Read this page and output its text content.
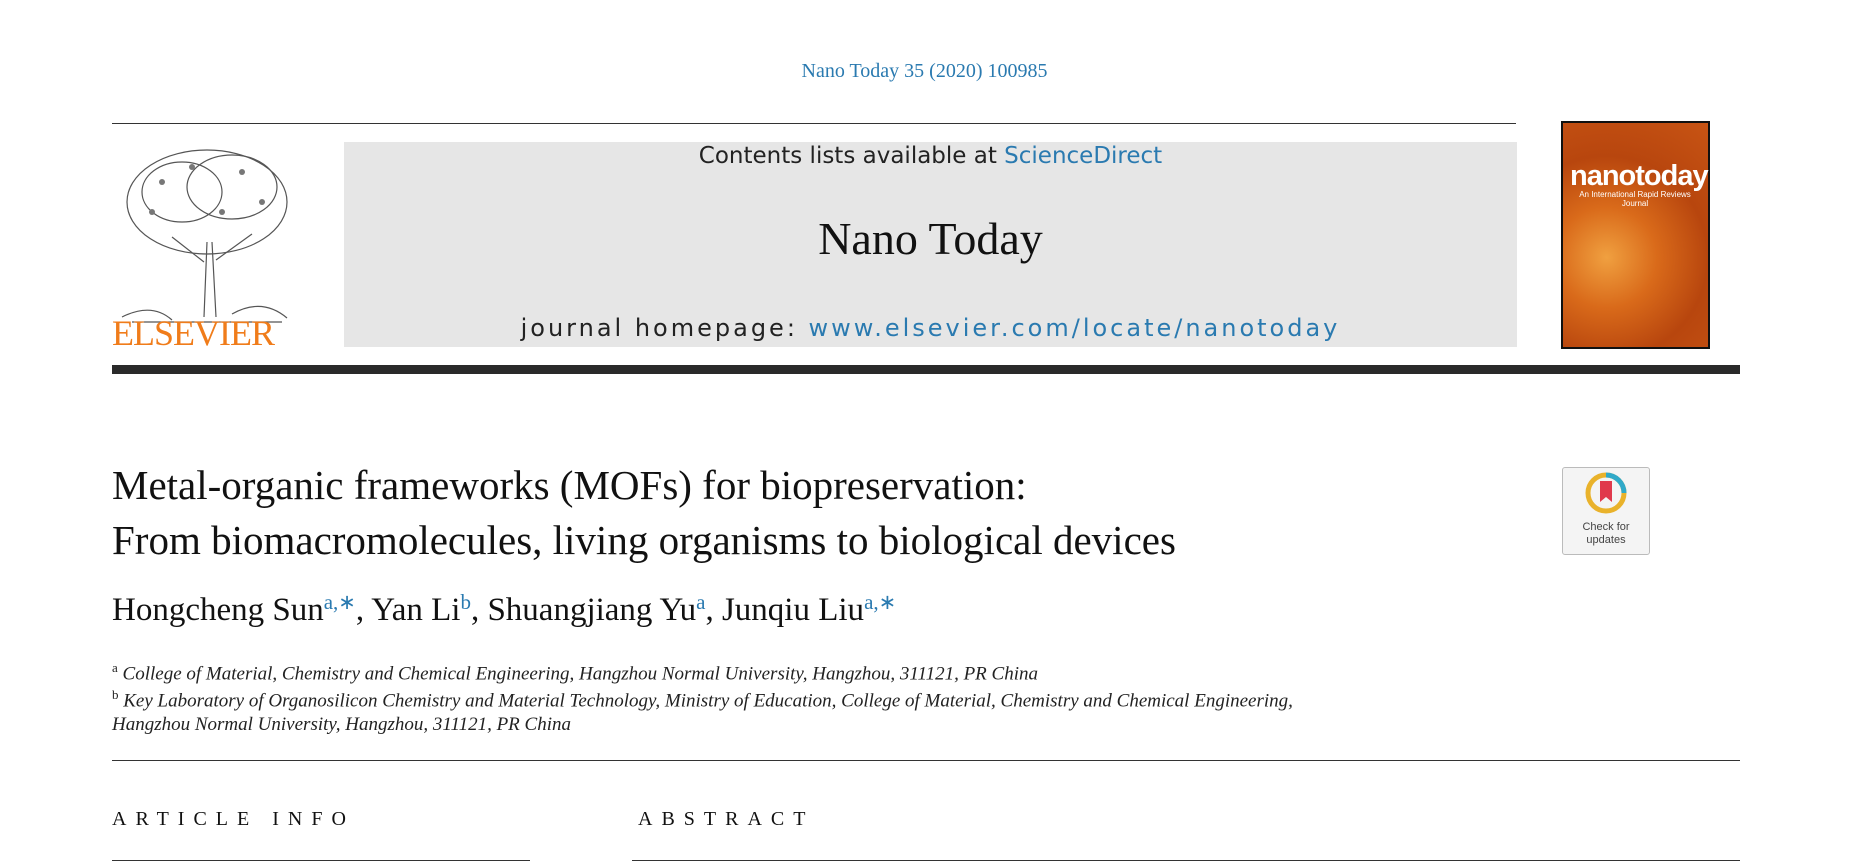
Nano Today 35 (2020) 100985
ELSEVIER
Contents lists available at ScienceDirect
Nano Today
journal homepage: www.elsevier.com/locate/nanotoday
nanotoday
An International Rapid Reviews Journal
Metal-organic frameworks (MOFs) for biopreservation:
From biomacromolecules, living organisms to biological devices	Check for
updates
Hongcheng Sun$^{a,∗}$, Yan Li$^b$, Shuangjiang Yu$^a$, Junqiu Liu$^{a,∗}$
$^a$ College of Material, Chemistry and Chemical Engineering, Hangzhou Normal University, Hangzhou, 311121, PR China
$^b$ Key Laboratory of Organosilicon Chemistry and Material Technology, Ministry of Education, College of Material, Chemistry and Chemical Engineering,
Hangzhou Normal University, Hangzhou, 311121, PR China
ARTICLE INFO	ABSTRACT
